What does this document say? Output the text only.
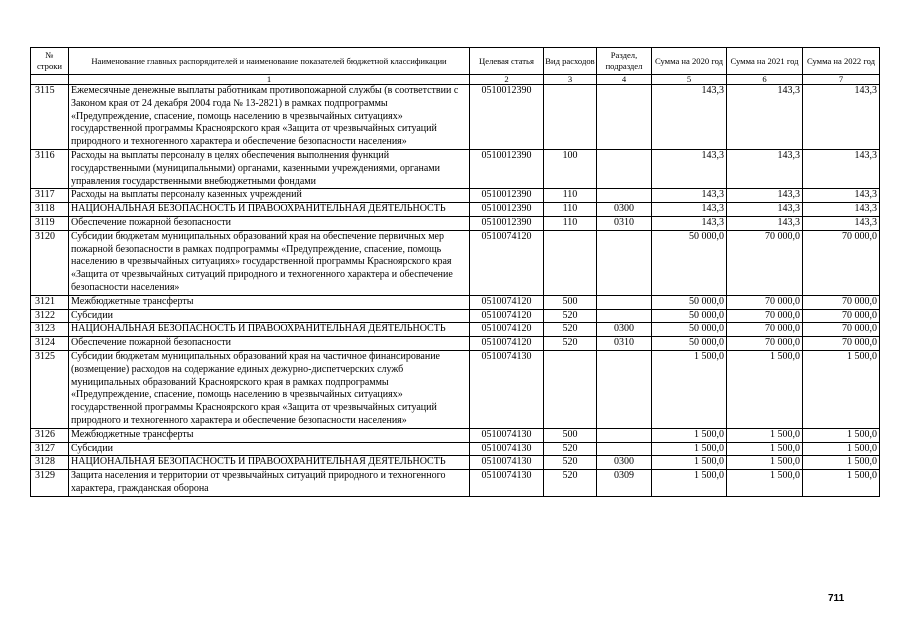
№ строки	Наименование главных распорядителей и наименование показателей бюджетной классификации	Целевая статья	Вид расходов	Раздел, подраздел	Сумма на 2020 год	Сумма на 2021 год	Сумма на 2022 год
	1	2	3	4	5	6	7
3115	Ежемесячные денежные выплаты работникам противопожарной службы (в соответствии с Законом края от 24 декабря 2004 года № 13-2821) в рамках подпрограммы «Предупреждение, спасение, помощь населению в чрезвычайных ситуациях» государственной программы Красноярского края «Защита от чрезвычайных ситуаций природного и техногенного характера и обеспечение безопасности населения»	0510012390			143,3	143,3	143,3
3116	Расходы на выплаты персоналу в целях обеспечения выполнения функций государственными (муниципальными) органами, казенными учреждениями, органами управления государственными внебюджетными фондами	0510012390	100		143,3	143,3	143,3
3117	Расходы на выплаты персоналу казенных учреждений	0510012390	110		143,3	143,3	143,3
3118	НАЦИОНАЛЬНАЯ БЕЗОПАСНОСТЬ И ПРАВООХРАНИТЕЛЬНАЯ ДЕЯТЕЛЬНОСТЬ	0510012390	110	0300	143,3	143,3	143,3
3119	Обеспечение пожарной безопасности	0510012390	110	0310	143,3	143,3	143,3
3120	Субсидии бюджетам муниципальных образований края на обеспечение первичных мер пожарной безопасности в рамках подпрограммы «Предупреждение, спасение, помощь населению в чрезвычайных ситуациях» государственной программы Красноярского края «Защита от чрезвычайных ситуаций природного и техногенного характера и обеспечение безопасности населения»	0510074120			50 000,0	70 000,0	70 000,0
3121	Межбюджетные трансферты	0510074120	500		50 000,0	70 000,0	70 000,0
3122	Субсидии	0510074120	520		50 000,0	70 000,0	70 000,0
3123	НАЦИОНАЛЬНАЯ БЕЗОПАСНОСТЬ И ПРАВООХРАНИТЕЛЬНАЯ ДЕЯТЕЛЬНОСТЬ	0510074120	520	0300	50 000,0	70 000,0	70 000,0
3124	Обеспечение пожарной безопасности	0510074120	520	0310	50 000,0	70 000,0	70 000,0
3125	Субсидии бюджетам муниципальных образований края на частичное финансирование (возмещение) расходов на содержание единых дежурно-диспетчерских служб муниципальных образований Красноярского края в рамках подпрограммы «Предупреждение, спасение, помощь населению в чрезвычайных ситуациях» государственной программы Красноярского края «Защита от чрезвычайных ситуаций природного и техногенного характера и обеспечение безопасности населения»	0510074130			1 500,0	1 500,0	1 500,0
3126	Межбюджетные трансферты	0510074130	500		1 500,0	1 500,0	1 500,0
3127	Субсидии	0510074130	520		1 500,0	1 500,0	1 500,0
3128	НАЦИОНАЛЬНАЯ БЕЗОПАСНОСТЬ И ПРАВООХРАНИТЕЛЬНАЯ ДЕЯТЕЛЬНОСТЬ	0510074130	520	0300	1 500,0	1 500,0	1 500,0
3129	Защита населения и территории от чрезвычайных ситуаций природного и техногенного характера, гражданская оборона	0510074130	520	0309	1 500,0	1 500,0	1 500,0
711
